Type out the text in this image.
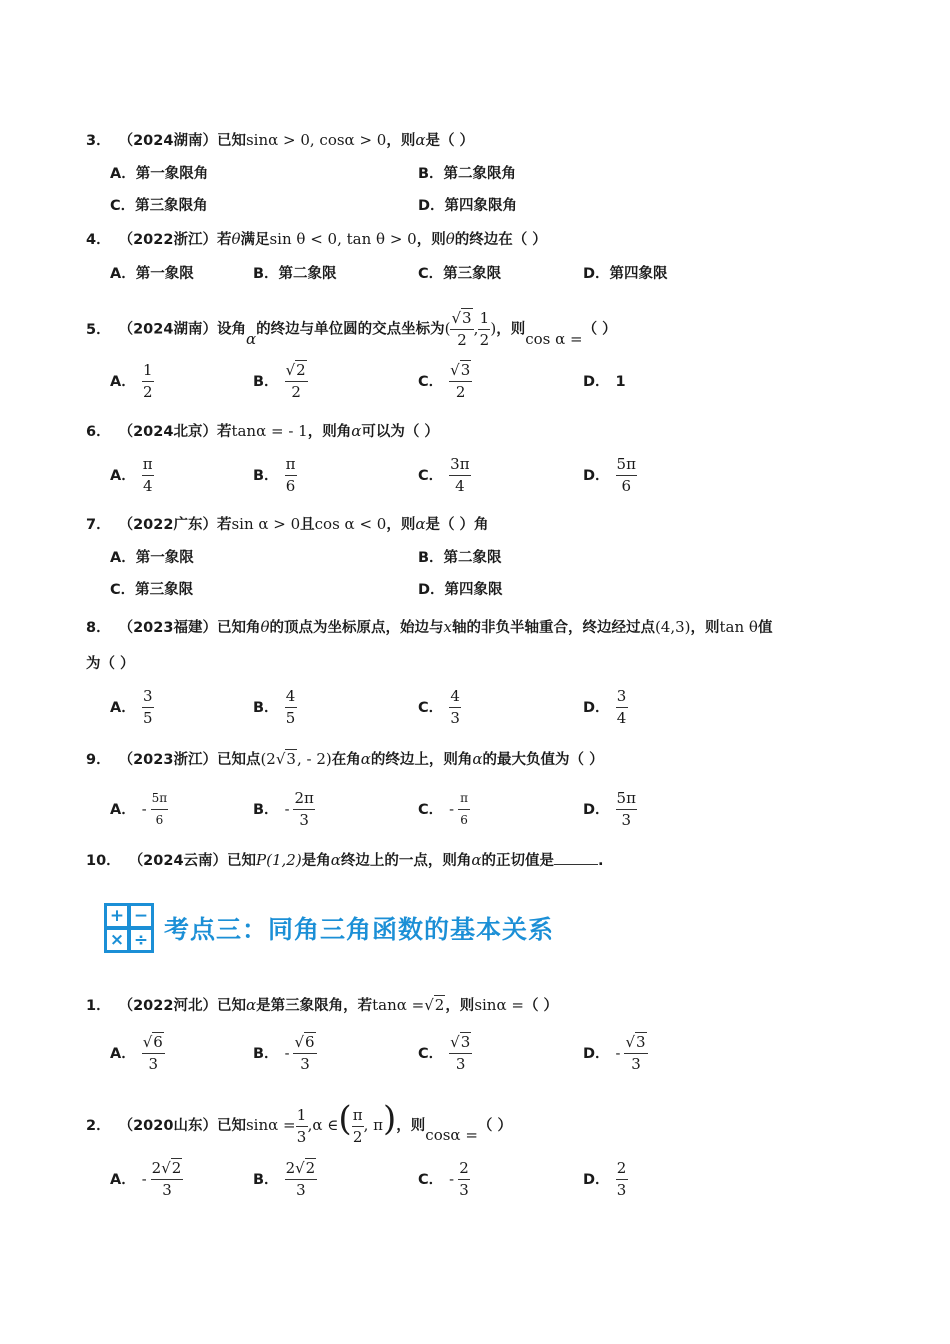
3． （2024湖南）已知sinα > 0, cosα > 0，则α是（ ）
A．第一象限角	B．第二象限角
C．第三象限角	D．第四象限角
4． （2022浙江）若θ满足sin θ < 0, tan θ > 0，则θ的终边在（ ）
A．第一象限	B．第二象限	C．第三象限	D．第四象限
5． （2024湖南）设角α的终边与单位圆的交点坐标为( $\frac{√3}{2}$ , $\frac{1}{2}$ )，则cos α =（ ）
A． $\frac{1}{2}$	B． $\frac{√2}{2}$	C． $\frac{√3}{2}$	D． 1
6． （2024北京）若tanα = - 1，则角α可以为（ ）
A． $\frac{\pi}{4}$	B． $\frac{\pi}{6}$	C． $\frac{3\pi}{4}$	D． $\frac{5\pi}{6}$
7． （2022广东）若sin α > 0且cos α < 0，则α是（ ）角
A．第一象限	B．第二象限
C．第三象限	D．第四象限
8． （2023福建）已知角θ的顶点为坐标原点，始边与x轴的非负半轴重合，终边经过点(4,3)，则tan θ值
为（ ）
A． $\frac{3}{5}$	B． $\frac{4}{5}$	C． $\frac{4}{3}$	D． $\frac{3}{4}$
9． （2023浙江）已知点(2√3, - 2)在角α的终边上，则角α的最大负值为（ ）
A． - $\frac{5\pi}{6}$	B． - $\frac{2\pi}{3}$	C． - $\frac{\pi}{6}$	D． $\frac{5\pi}{3}$
10． （2024云南）已知P(1,2)是角α终边上的一点，则角α的正切值是	.
+ −
× ÷ 考点三：同角三角函数的基本关系
1． （2022河北）已知α是第三象限角，若tanα =√2，则sinα =（ ）
A． $\frac{√6}{3}$	B． - $\frac{√6}{3}$	C． $\frac{√3}{3}$	D． - $\frac{√3}{3}$
2． （2020山东）已知$\sin\alpha = \frac{1}{3} ,\alpha$ ∈( $\frac{\pi}{2}$ , π)，则cosα =（ ）
A． - $\frac{2√2}{3}$	B． $\frac{2√2}{3}$	C． - $\frac{2}{3}$	D． $\frac{2}{3}$
